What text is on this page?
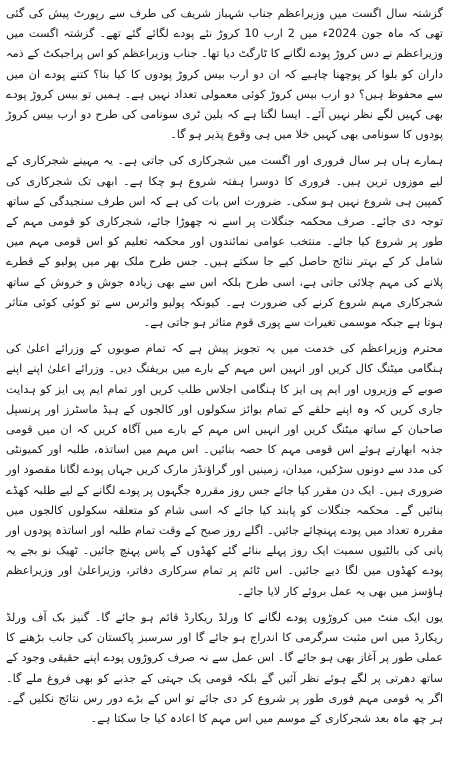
گزشتہ سال اگست میں وزیراعظم جناب شہباز شریف کی طرف سے رپورٹ پیش کی گئی تھی کہ ماہ جون 2024ء میں 2 ارب 10 کروڑ نئے پودے لگائے گئے تھے۔ گزشتہ اگست میں وزیراعظم نے دس کروڑ پودے لگانے کا ٹارگٹ دیا تھا۔ جناب وزیراعظم کو اس پراجیکٹ کے ذمہ داران کو بلوا کر پوچھنا چاہیے کہ ان دو ارب بیس کروڑ پودوں کا کیا بنا؟ کتنے پودے ان میں سے محفوظ ہیں؟ دو ارب بیس کروڑ کوئی معمولی تعداد نہیں ہے۔ ہمیں تو بیس کروڑ پودے بھی کہیں لگے نظر نہیں آئے۔ ایسا لگتا ہے کہ بلین ٹری سونامی کی طرح دو ارب بیس کروڑ پودوں کا سونامی بھی کہیں خلا میں ہی وقوع پذیر ہو گا۔

ہمارے ہاں ہر سال فروری اور اگست میں شجرکاری کی جاتی ہے۔ یہ مہینے شجرکاری کے لیے موزوں ترین ہیں۔ فروری کا دوسرا ہفتہ شروع ہو چکا ہے۔ ابھی تک شجرکاری کی کمپین ہی شروع نہیں ہو سکی۔ ضرورت اس بات کی ہے کہ اس طرف سنجیدگی کے ساتھ توجہ دی جائے۔ صرف محکمہ جنگلات پر اسے نہ چھوڑا جائے، شجرکاری کو قومی مہم کے طور پر شروع کیا جائے۔ منتخب عوامی نمائندوں اور محکمہ تعلیم کو اس قومی مہم میں شامل کر کے بہتر نتائج حاصل کیے جا سکتے ہیں۔ جس طرح ملک بھر میں پولیو کے قطرے پلانے کی مہم چلائی جاتی ہے، اسی طرح بلکہ اس سے بھی زیادہ جوش و خروش کے ساتھ شجرکاری مہم شروع کرنے کی ضرورت ہے۔ کیونکہ پولیو وائرس سے تو کوئی کوئی متاثر ہوتا ہے جبکہ موسمی تغیرات سے پوری قوم متاثر ہو جاتی ہے۔

محترم وزیراعظم کی خدمت میں یہ تجویز پیش ہے کہ تمام صوبوں کے وزرائے اعلیٰ کی ہنگامی میٹنگ کال کریں اور انہیں اس مہم کے بارے میں بریفنگ دیں۔ وزرائے اعلیٰ اپنے اپنے صوبے کے وزیروں اور ایم پی ایز کا ہنگامی اجلاس طلب کریں اور تمام ایم پی ایز کو ہدایت جاری کریں کہ وہ اپنے حلقے کے تمام بوائز سکولوں اور کالجوں کے ہیڈ ماسٹرز اور پرنسپل صاحبان کے ساتھ میٹنگ کریں اور انہیں اس مہم کے بارے میں آگاہ کریں کہ ان میں قومی جذبہ ابھارتے ہوئے اس قومی مہم کا حصہ بنائیں۔ اس مہم میں اساتذہ، طلبہ اور کمیونٹی کی مدد سے دونوں سڑکیں، میدان، زمینیں اور گراؤنڈز مارک کریں جہاں پودے لگانا مقصود اور ضروری ہیں۔ ایک دن مقرر کیا جائے جس روز مقررہ جگہوں پر پودے لگانے کے لیے طلبہ کھڈے بنائیں گے۔ محکمہ جنگلات کو پابند کیا جائے کہ اسی شام کو متعلقہ سکولوں کالجوں میں مقررہ تعداد میں پودے پہنچائے جائیں۔ اگلے روز صبح کے وقت تمام طلبہ اور اساتذہ پودوں اور پانی کی بالٹیوں سمیت ایک روز پہلے بنائے گئے کھڈوں کے پاس پہنچ جائیں۔ ٹھیک نو بجے یہ پودے کھڈوں میں لگا دیے جائیں۔ اس ٹائم پر تمام سرکاری دفاتر، وزیراعلیٰ اور وزیراعظم ہاؤسز میں بھی یہ عمل بروئے کار لایا جائے۔

یوں ایک منٹ میں کروڑوں پودے لگانے کا ورلڈ ریکارڈ قائم ہو جائے گا۔ گنیز بک آف ورلڈ ریکارڈ میں اس مثبت سرگرمی کا اندراج ہو جائے گا اور سرسبز پاکستان کی جانب بڑھنے کا عملی طور پر آغاز بھی ہو جائے گا۔ اس عمل سے نہ صرف کروڑوں پودے اپنے حقیقی وجود کے ساتھ دھرتی پر لگے ہوئے نظر آئیں گے بلکہ قومی یک جہتی کے جذبے کو بھی فروغ ملے گا۔ اگر یہ قومی مہم فوری طور پر شروع کر دی جائے تو اس کے بڑے دور رس نتائج نکلیں گے۔ ہر چھ ماہ بعد شجرکاری کے موسم میں اس مہم کا اعادہ کیا جا سکتا ہے۔
